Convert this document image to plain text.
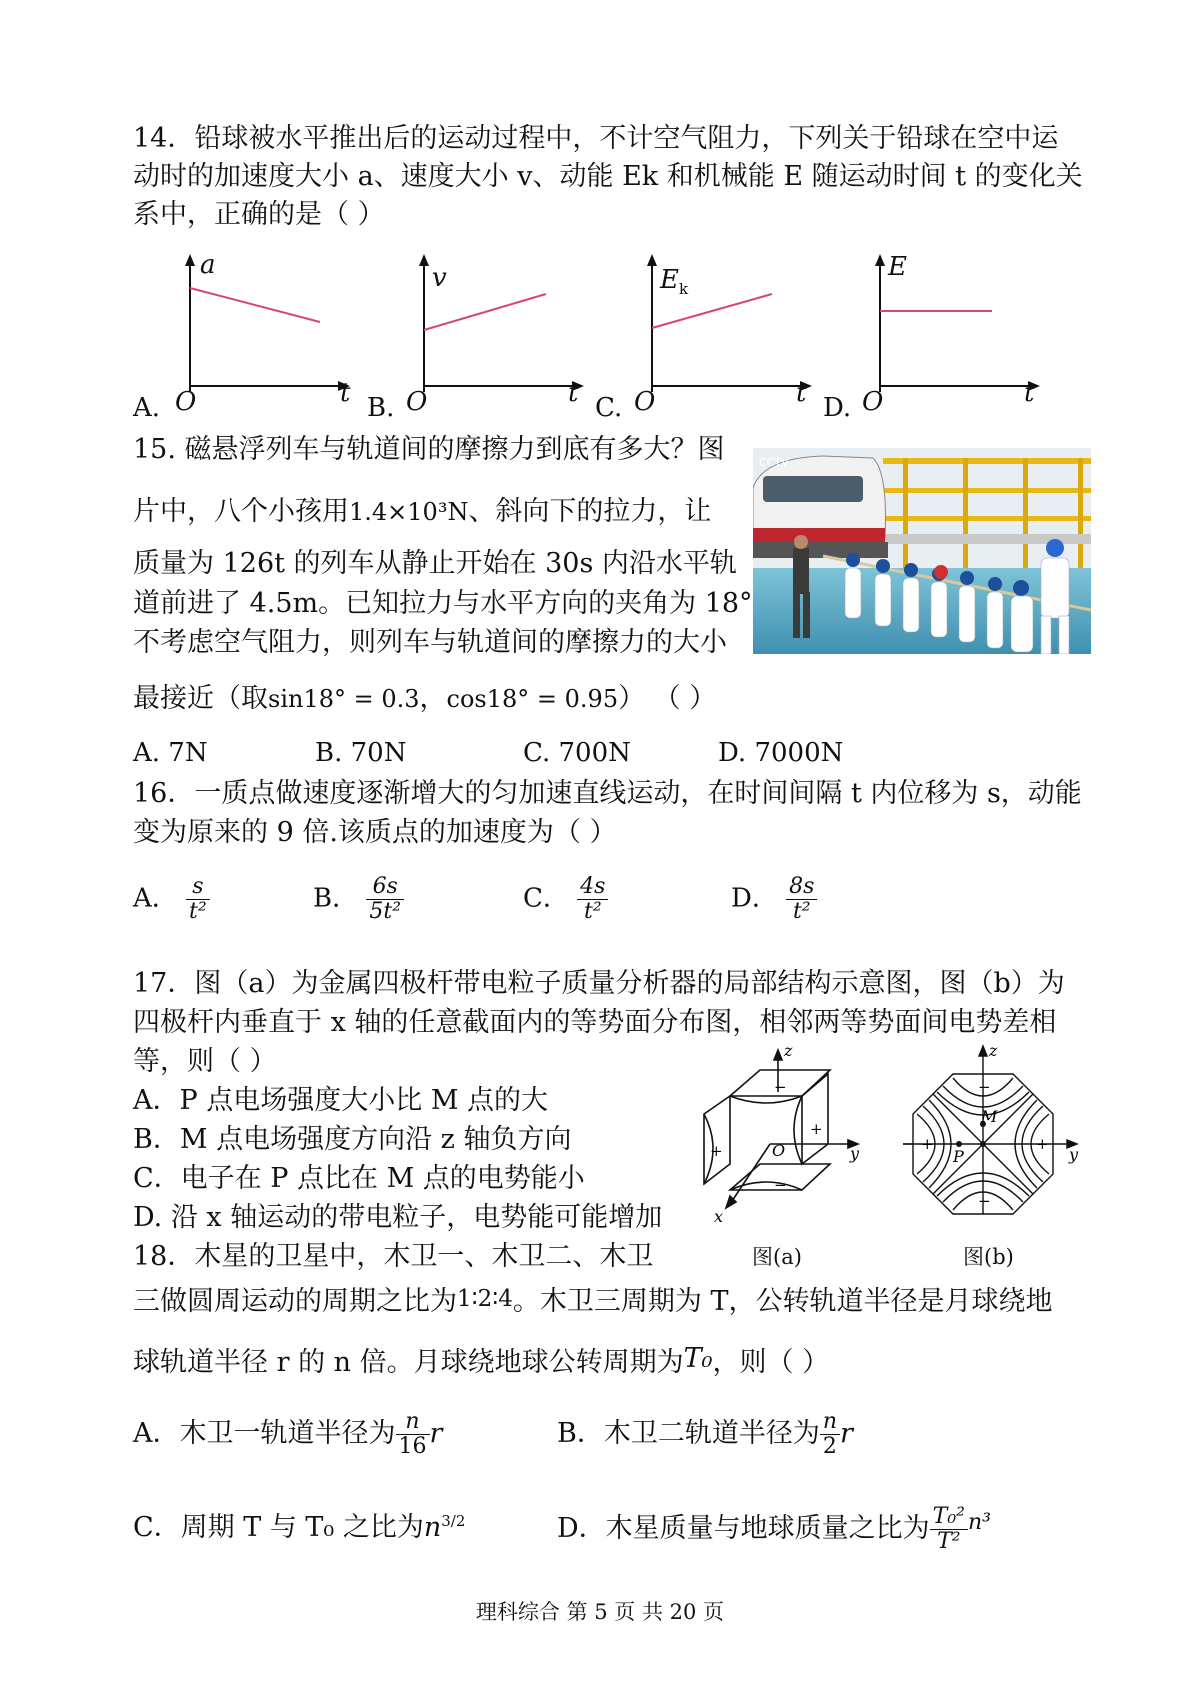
14．铅球被水平推出后的运动过程中，不计空气阻力，下列关于铅球在空中运
动时的加速度大小 a、速度大小 v、动能 Ek 和机械能 E 随运动时间 t 的变化关
系中，正确的是（ ）
A. O
a
t B. O
v
t C. O
$E_k$
t D. O
E
t
15. 磁悬浮列车与轨道间的摩擦力到底有多大？图
片中，八个小孩用1.4×10³N、斜向下的拉力，让
质量为 126t 的列车从静止开始在 30s 内沿水平轨
道前进了 4.5m。已知拉力与水平方向的夹角为 18°
不考虑空气阻力，则列车与轨道间的摩擦力的大小
最接近（取sin18° = 0.3，cos18° = 0.95） （ ）
CCTV
A. 7N	B. 70N	C. 700N	D. 7000N
16．一质点做速度逐渐增大的匀加速直线运动，在时间间隔 t 内位移为 s，动能
变为原来的 9 倍.该质点的加速度为（ ）
A． $\frac{s}{\text{t²}}$	B． $\frac{6s}{\text{5t²}}$	C． $\frac{4s}{\text{t²}}$	D． $\frac{8s}{\text{t²}}$
17．图（a）为金属四极杆带电粒子质量分析器的局部结构示意图，图（b）为
四极杆内垂直于 x 轴的任意截面内的等势面分布图，相邻两等势面间电势差相
等，则（ ）
A．P 点电场强度大小比 M 点的大
B．M 点电场强度方向沿 z 轴负方向
C．电子在 P 点比在 M 点的电势能小
D. 沿 x 轴运动的带电粒子，电势能可能增加
z
y
x
O
+
+
−
−
图(a)
z
y
P
M
+	+
−
−
图(b)
18．木星的卫星中，木卫一、木卫二、木卫
三做圆周运动的周期之比为1∶2∶4。木卫三周期为 T，公转轨道半径是月球绕地
球轨道半径 r 的 n 倍。月球绕地球公转周期为T₀，则（ ）
A．木卫一轨道半径为 $\frac{n}{16}$ r	B．木卫二轨道半径为 $\frac{n}{2}$ r
C．周期 T 与 T₀ 之比为$n^{3/2}$	D．木星质量与地球质量之比为 $\frac{\text{T₀²}}{\text{T²}} ^{n^3}$
理科综合 第 5 页 共 20 页
